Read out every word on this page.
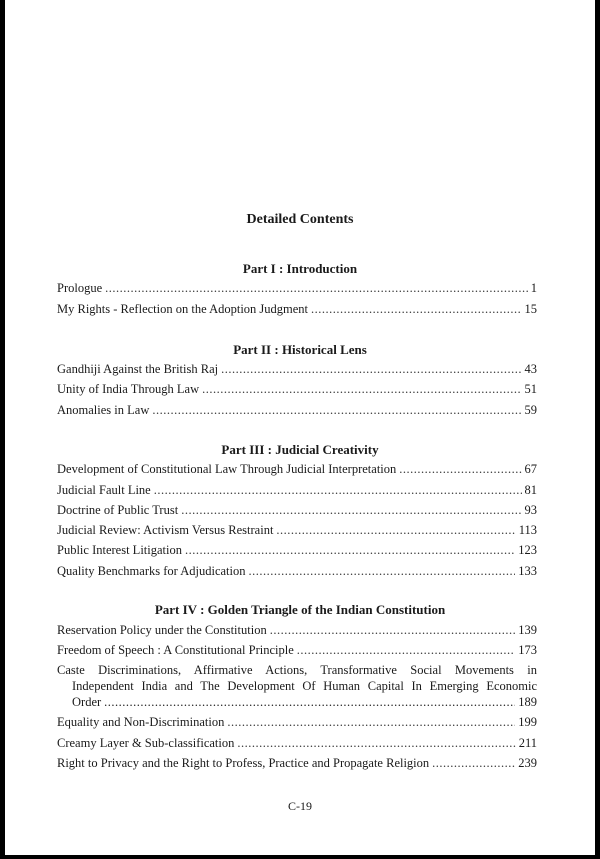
Detailed Contents
Part I : Introduction
Prologue .....	1
My Rights - Reflection on the Adoption Judgment .....	15
Part II : Historical Lens
Gandhiji Against the British Raj .....	43
Unity of India Through Law .....	51
Anomalies in Law .....	59
Part III : Judicial Creativity
Development of Constitutional Law Through Judicial Interpretation .....	67
Judicial Fault Line .....	81
Doctrine of Public Trust .....	93
Judicial Review: Activism Versus Restraint .....	113
Public Interest Litigation .....	123
Quality Benchmarks for Adjudication .....	133
Part IV : Golden Triangle of the Indian Constitution
Reservation Policy under the Constitution .....	139
Freedom of Speech : A Constitutional Principle .....	173
Caste Discriminations, Affirmative Actions, Transformative Social Movements in
Independent India and The Development Of Human Capital In Emerging Economic
Order .....	189
Equality and Non-Discrimination .....	199
Creamy Layer & Sub-classification .....	211
Right to Privacy and the Right to Profess, Practice and Propagate Religion .....	239
C-19
